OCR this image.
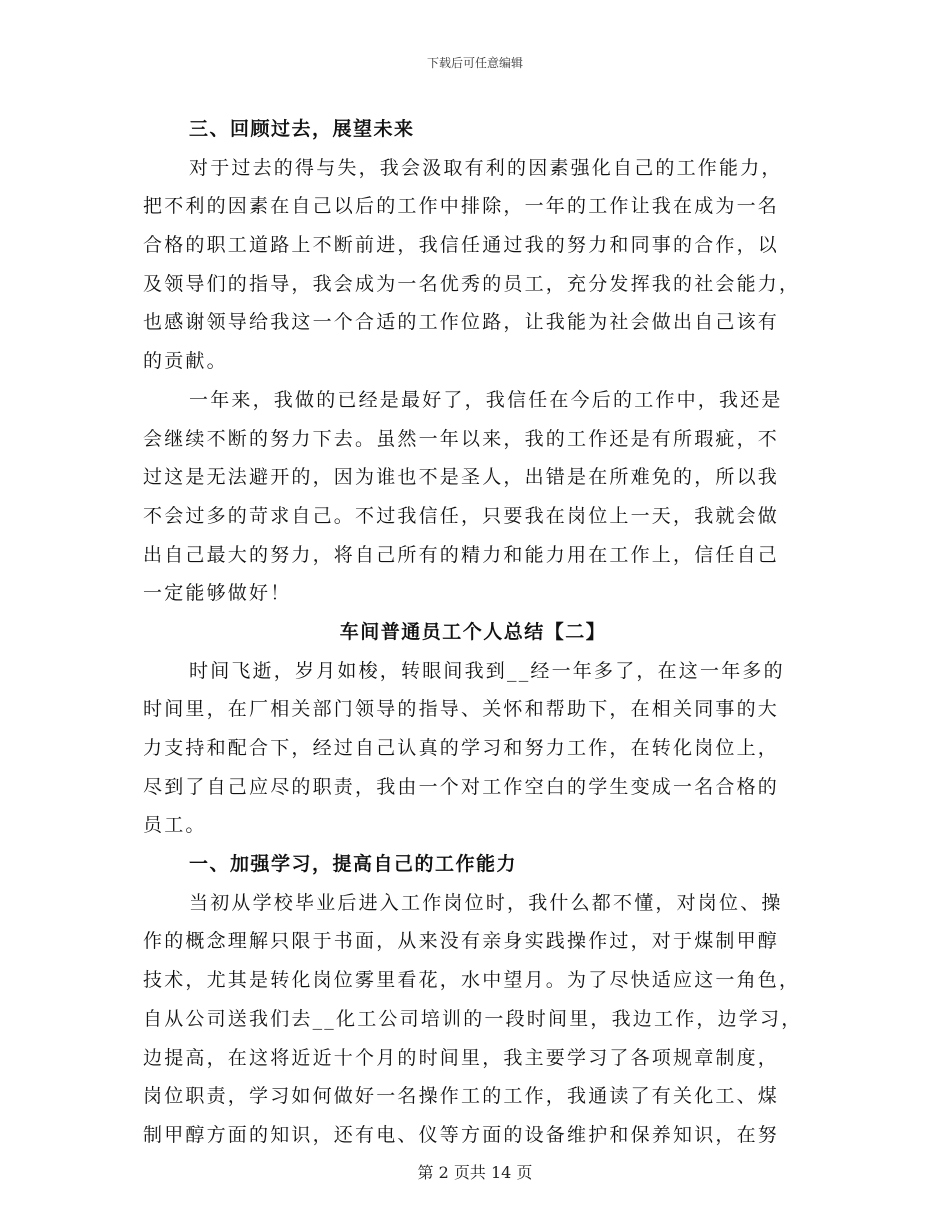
下载后可任意编辑
三、回顾过去，展望未来
对于过去的得与失，我会汲取有利的因素强化自己的工作能力，
把不利的因素在自己以后的工作中排除，一年的工作让我在成为一名
合格的职工道路上不断前进，我信任通过我的努力和同事的合作，以
及领导们的指导，我会成为一名优秀的员工，充分发挥我的社会能力，
也感谢领导给我这一个合适的工作位路，让我能为社会做出自己该有
的贡献。
一年来，我做的已经是最好了，我信任在今后的工作中，我还是
会继续不断的努力下去。虽然一年以来，我的工作还是有所瑕疵，不
过这是无法避开的，因为谁也不是圣人，出错是在所难免的，所以我
不会过多的苛求自己。不过我信任，只要我在岗位上一天，我就会做
出自己最大的努力，将自己所有的精力和能力用在工作上，信任自己
一定能够做好！
车间普通员工个人总结【二】
时间飞逝，岁月如梭，转眼间我到__经一年多了，在这一年多的
时间里，在厂相关部门领导的指导、关怀和帮助下，在相关同事的大
力支持和配合下，经过自己认真的学习和努力工作，在转化岗位上，
尽到了自己应尽的职责，我由一个对工作空白的学生变成一名合格的
员工。
一、加强学习，提高自己的工作能力
当初从学校毕业后进入工作岗位时，我什么都不懂，对岗位、操
作的概念理解只限于书面，从来没有亲身实践操作过，对于煤制甲醇
技术，尤其是转化岗位雾里看花，水中望月。为了尽快适应这一角色，
自从公司送我们去__化工公司培训的一段时间里，我边工作，边学习，
边提高，在这将近近十个月的时间里，我主要学习了各项规章制度，
岗位职责，学习如何做好一名操作工的工作，我通读了有关化工、煤
制甲醇方面的知识，还有电、仪等方面的设备维护和保养知识，在努
第 2 页共 14 页
